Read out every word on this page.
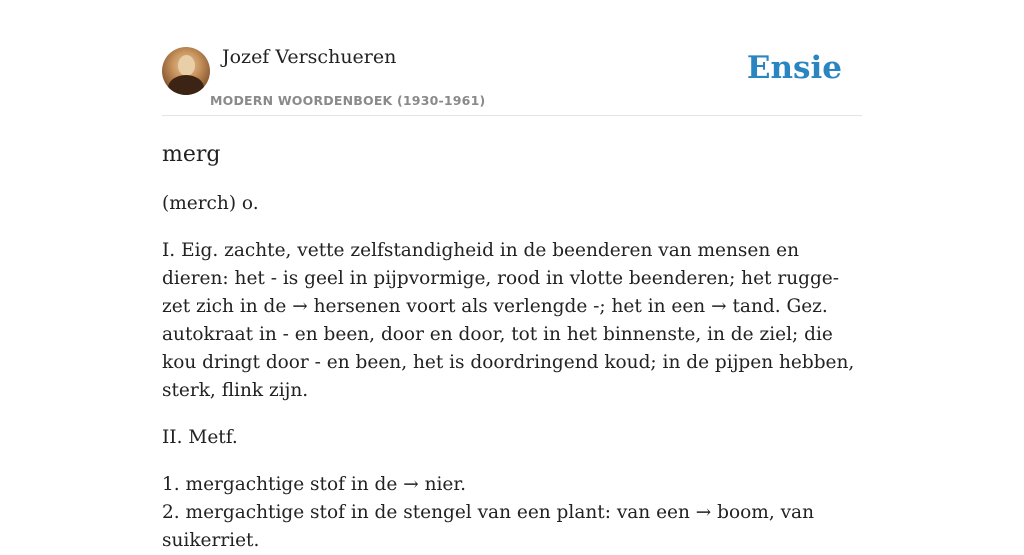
Jozef Verschueren
MODERN WOORDENBOEK (1930-1961)
Ensie
merg

(merch) o.

I. Eig. zachte, vette zelfstandigheid in de beenderen van mensen en dieren: het - is geel in pijpvormige, rood in vlotte beenderen; het rugge-zet zich in de → hersenen voort als verlengde -; het in een → tand. Gez. autokraat in - en been, door en door, tot in het binnenste, in de ziel; die kou dringt door - en been, het is doordringend koud; in de pijpen hebben, sterk, flink zijn.

II. Metf.

1. mergachtige stof in de → nier.
2. mergachtige stof in de stengel van een plant: van een → boom, van suikerriet.
